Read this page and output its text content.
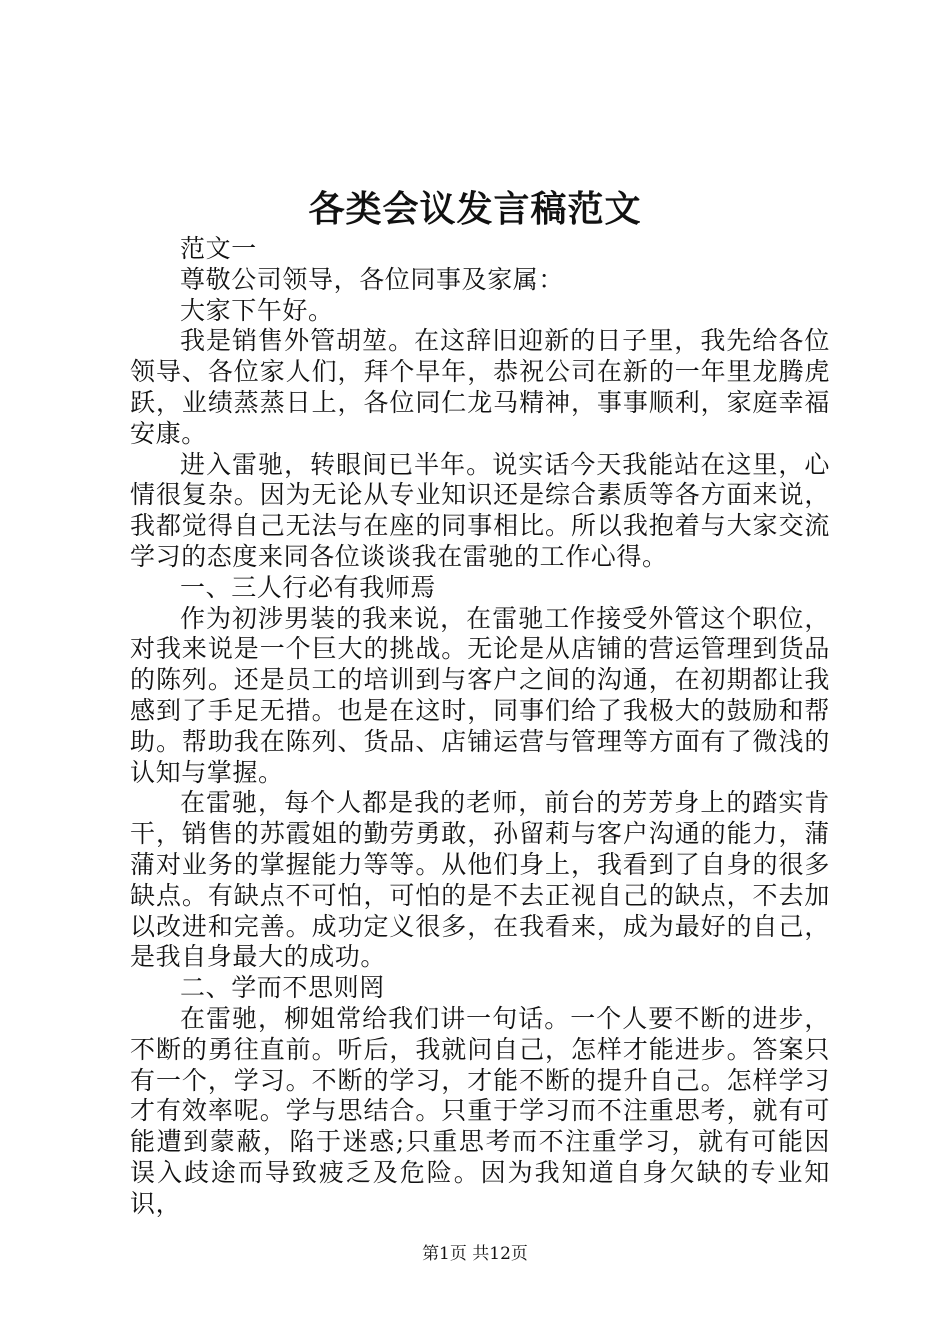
各类会议发言稿范文

范文一

尊敬公司领导，各位同事及家属：

大家下午好。

我是销售外管胡堃。在这辞旧迎新的日子里，我先给各位领导、各位家人们，拜个早年，恭祝公司在新的一年里龙腾虎跃，业绩蒸蒸日上，各位同仁龙马精神，事事顺利，家庭幸福安康。

进入雷驰，转眼间已半年。说实话今天我能站在这里，心情很复杂。因为无论从专业知识还是综合素质等各方面来说，我都觉得自己无法与在座的同事相比。所以我抱着与大家交流学习的态度来同各位谈谈我在雷驰的工作心得。

一、三人行必有我师焉

作为初涉男装的我来说，在雷驰工作接受外管这个职位，对我来说是一个巨大的挑战。无论是从店铺的营运管理到货品的陈列。还是员工的培训到与客户之间的沟通，在初期都让我感到了手足无措。也是在这时，同事们给了我极大的鼓励和帮助。帮助我在陈列、货品、店铺运营与管理等方面有了微浅的认知与掌握。

在雷驰，每个人都是我的老师，前台的芳芳身上的踏实肯干，销售的苏霞姐的勤劳勇敢，孙留莉与客户沟通的能力，蒲蒲对业务的掌握能力等等。从他们身上，我看到了自身的很多缺点。有缺点不可怕，可怕的是不去正视自己的缺点，不去加以改进和完善。成功定义很多，在我看来，成为最好的自己，是我自身最大的成功。

二、学而不思则罔

在雷驰，柳姐常给我们讲一句话。一个人要不断的进步，不断的勇往直前。听后，我就问自己，怎样才能进步。答案只有一个，学习。不断的学习，才能不断的提升自己。怎样学习才有效率呢。学与思结合。只重于学习而不注重思考，就有可能遭到蒙蔽，陷于迷惑;只重思考而不注重学习，就有可能因误入歧途而导致疲乏及危险。因为我知道自身欠缺的专业知识，

第1页 共12页
